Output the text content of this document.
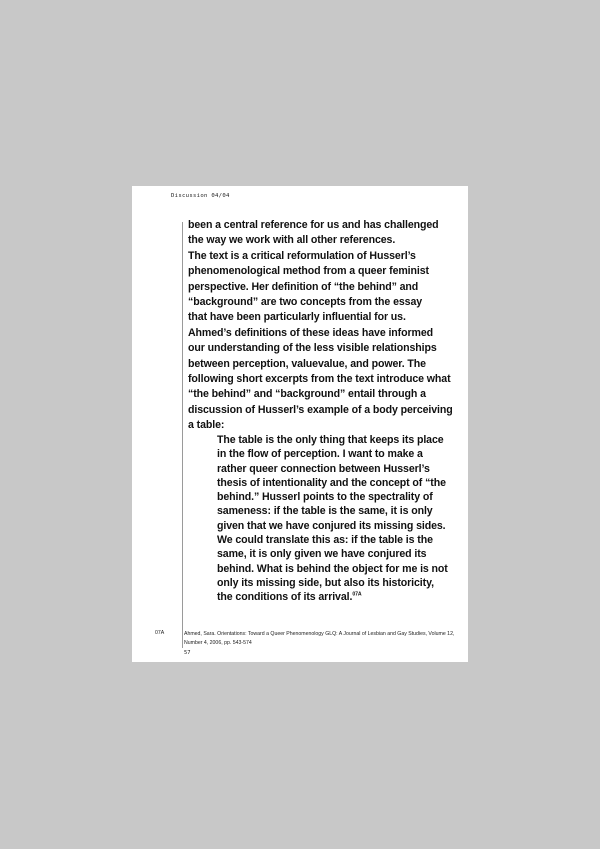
Discussion 04/04
been a central reference for us and has challenged
the way we work with all other references.
The text is a critical reformulation of Husserl’s
phenomenological method from a queer feminist
perspective. Her definition of “the behind” and
“background” are two concepts from the essay
that have been particularly influential for us.
Ahmed’s definitions of these ideas have informed
our understanding of the less visible relationships
between perception, valuevalue, and power. The
following short excerpts from the text introduce what
“the behind” and “background” entail through a
discussion of Husserl’s example of a body perceiving
a table:
The table is the only thing that keeps its place
in the flow of perception. I want to make a
rather queer connection between Husserl’s
thesis of intentionality and the concept of “the
behind.” Husserl points to the spectrality of
sameness: if the table is the same, it is only
given that we have conjured its missing sides.
We could translate this as: if the table is the
same, it is only given we have conjured its
behind. What is behind the object for me is not
only its missing side, but also its historicity,
the conditions of its arrival.$^{07A}$
07A	Ahmed, Sara. Orientations: Toward a Queer Phenomenology GLQ: A Journal of Lesbian and Gay Studies, Volume 12,
Number 4, 2006, pp. 543-574
57
